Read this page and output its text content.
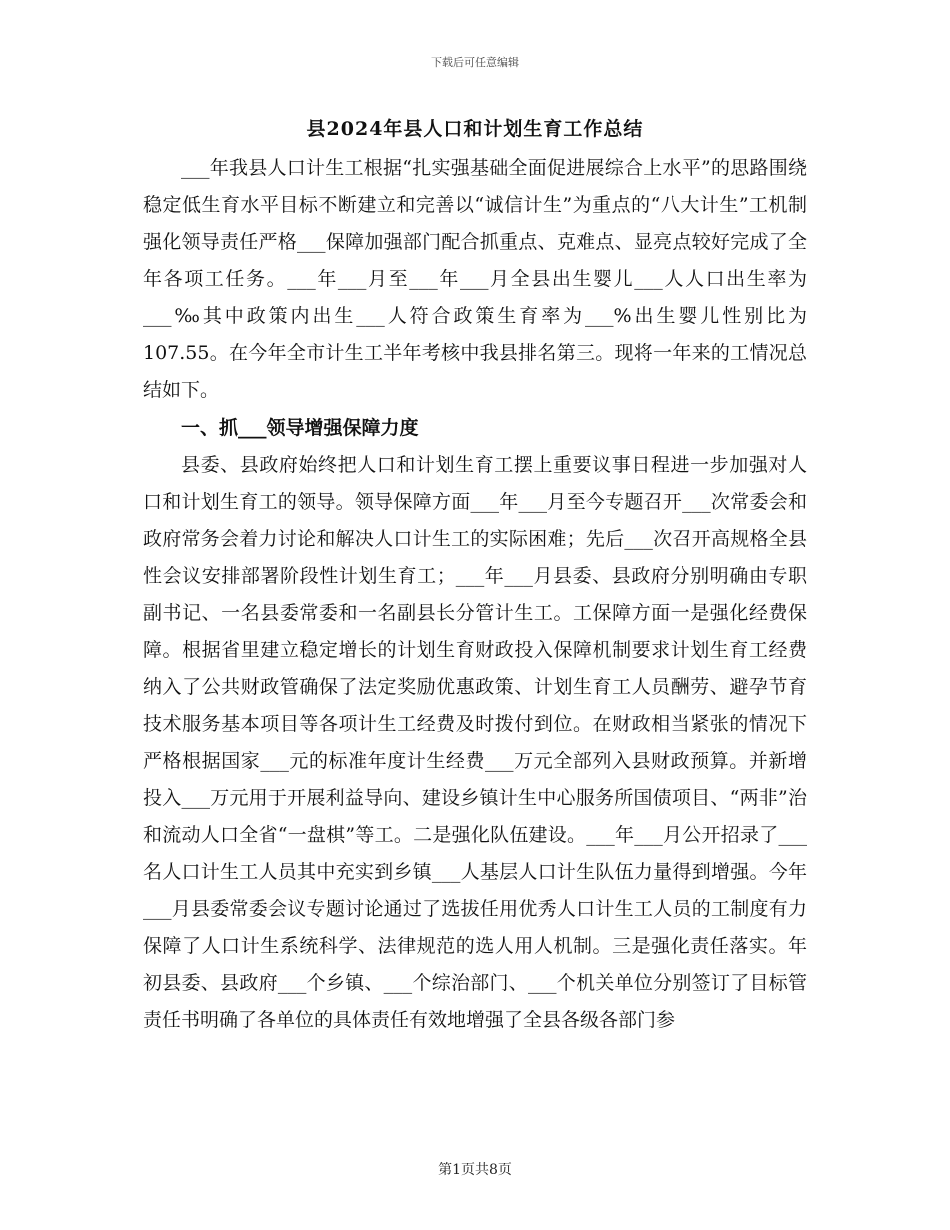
下载后可任意编辑
县2024年县人口和计划生育工作总结

___年我县人口计生工根据“扎实强基础全面促进展综合上水平”的思路围绕稳定低生育水平目标不断建立和完善以“诚信计生”为重点的“八大计生”工机制强化领导责任严格___保障加强部门配合抓重点、克难点、显亮点较好完成了全年各项工任务。___年___月至___年___月全县出生婴儿___人人口出生率为___‰其中政策内出生___人符合政策生育率为___%出生婴儿性别比为107.55。在今年全市计生工半年考核中我县排名第三。现将一年来的工情况总结如下。

一、抓___领导增强保障力度

县委、县政府始终把人口和计划生育工摆上重要议事日程进一步加强对人口和计划生育工的领导。领导保障方面___年___月至今专题召开___次常委会和政府常务会着力讨论和解决人口计生工的实际困难；先后___次召开高规格全县性会议安排部署阶段性计划生育工；___年___月县委、县政府分别明确由专职副书记、一名县委常委和一名副县长分管计生工。工保障方面一是强化经费保障。根据省里建立稳定增长的计划生育财政投入保障机制要求计划生育工经费纳入了公共财政管确保了法定奖励优惠政策、计划生育工人员酬劳、避孕节育技术服务基本项目等各项计生工经费及时拨付到位。在财政相当紧张的情况下严格根据国家___元的标准年度计生经费___万元全部列入县财政预算。并新增投入___万元用于开展利益导向、建设乡镇计生中心服务所国债项目、“两非”治和流动人口全省“一盘棋”等工。二是强化队伍建设。___年___月公开招录了___名人口计生工人员其中充实到乡镇___人基层人口计生队伍力量得到增强。今年___月县委常委会议专题讨论通过了选拔任用优秀人口计生工人员的工制度有力保障了人口计生系统科学、法律规范的选人用人机制。三是强化责任落实。年初县委、县政府___个乡镇、___个综治部门、___个机关单位分别签订了目标管责任书明确了各单位的具体责任有效地增强了全县各级各部门参

第1页共8页
